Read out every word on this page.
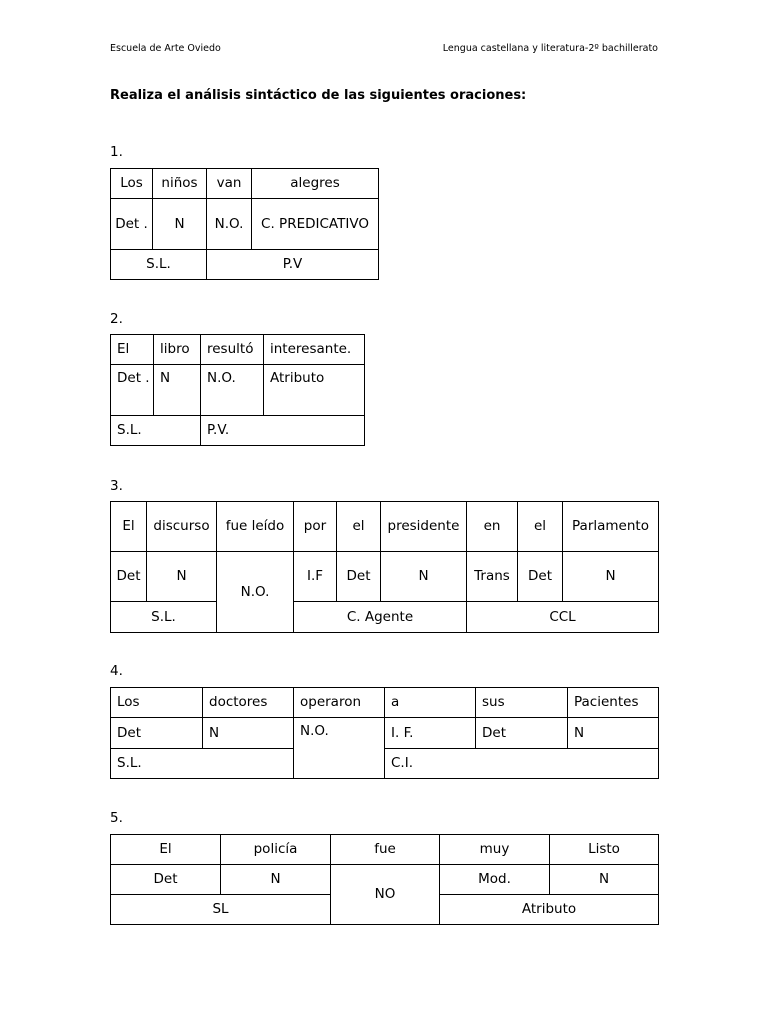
Escuela de Arte Oviedo	Lengua castellana y literatura-2º bachillerato
Realiza el análisis sintáctico de las siguientes oraciones:
1.
Los	niños	van	alegres
Det .	N	N.O.	C. PREDICATIVO
S.L.		P.V	
2.
El	libro	resultó	interesante.
Det .	N	N.O.	Atributo
S.L.		P.V.	
3.
El	discurso	fue leído	por	el	presidente	en	el	Parlamento
Det	N	N.O.	I.F	Det	N	Trans	Det	N
S.L.			C. Agente			CCL		
4.
Los	doctores	operaron	a	sus	Pacientes
Det	N	N.O.	I. F.	Det	N
S.L.			C.I.		
5.
El	policía	fue	muy	Listo
Det	N	NO	Mod.	N
SL			Atributo	
